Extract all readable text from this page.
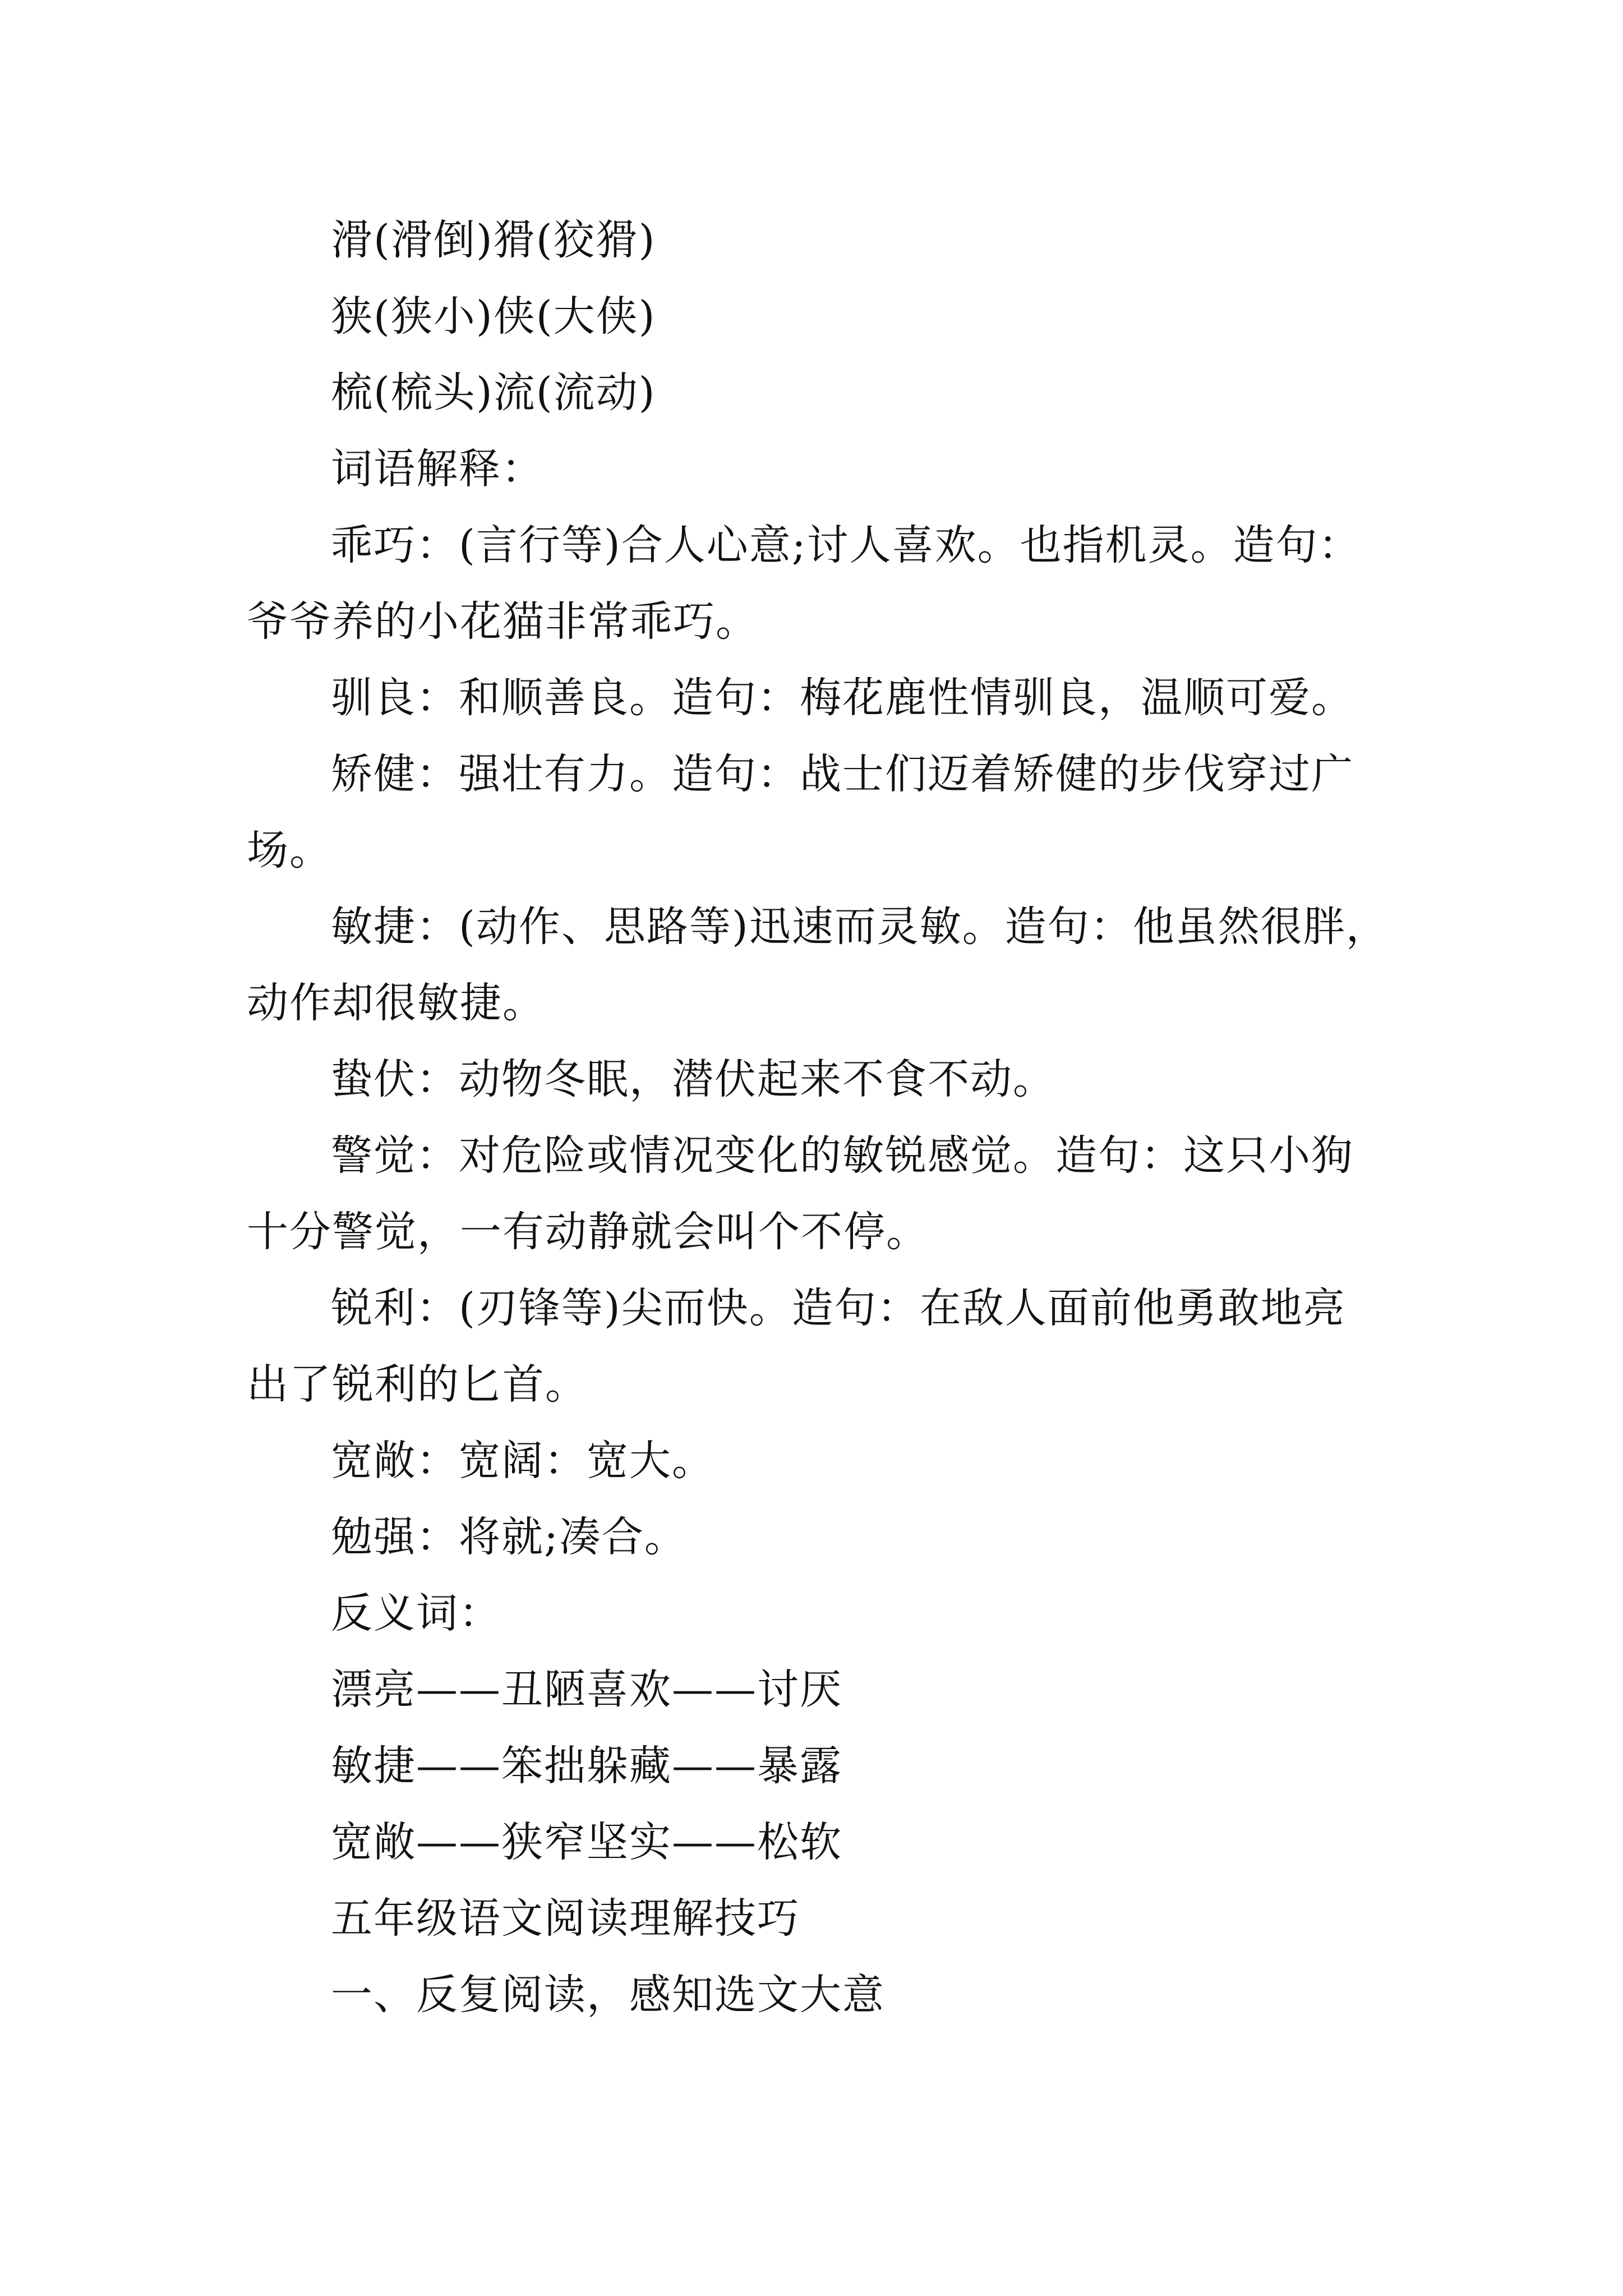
滑(滑倒)猾(狡猾)

狭(狭小)侠(大侠)

梳(梳头)流(流动)

词语解释：

乖巧：(言行等)合人心意;讨人喜欢。也指机灵。造句：

爷爷养的小花猫非常乖巧。

驯良：和顺善良。造句：梅花鹿性情驯良，温顺可爱。

矫健：强壮有力。造句：战士们迈着矫健的步伐穿过广

场。

敏捷：(动作、思路等)迅速而灵敏。造句：他虽然很胖，

动作却很敏捷。

蛰伏：动物冬眠，潜伏起来不食不动。

警觉：对危险或情况变化的敏锐感觉。造句：这只小狗

十分警觉，一有动静就会叫个不停。

锐利：(刃锋等)尖而快。造句：在敌人面前他勇敢地亮

出了锐利的匕首。

宽敞：宽阔：宽大。

勉强：将就;凑合。

反义词：

漂亮——丑陋喜欢——讨厌

敏捷——笨拙躲藏——暴露

宽敞——狭窄坚实——松软

五年级语文阅读理解技巧

一、反复阅读，感知选文大意
